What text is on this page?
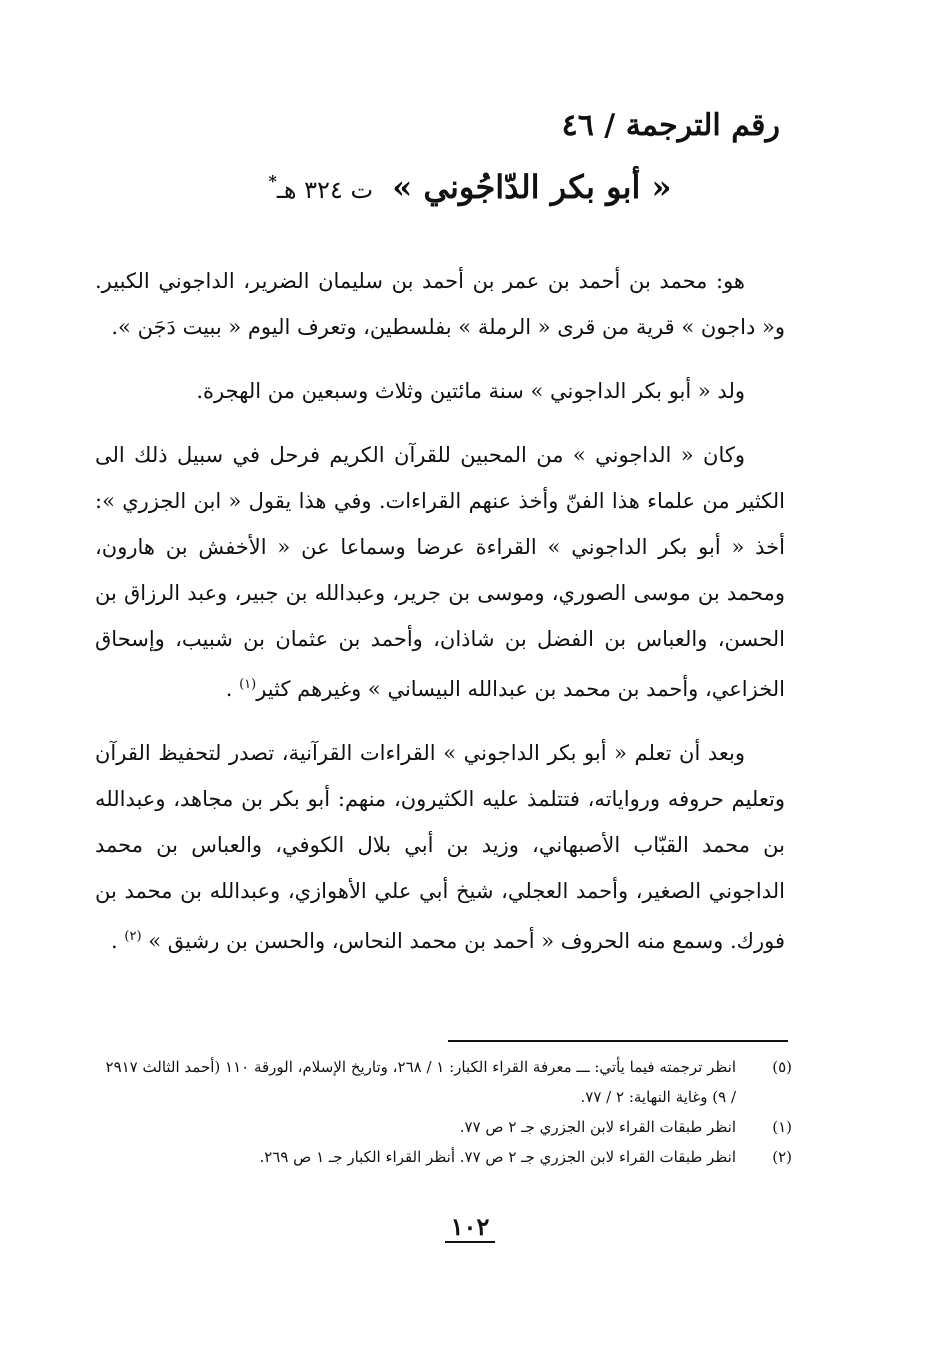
رقم الترجمة / ٤٦
« أبو بكر الدّاجُوني » ت ٣٢٤ هـ*

هو: محمد بن أحمد بن عمر بن أحمد بن سليمان الضرير، الداجوني الكبير. و« داجون » قرية من قرى « الرملة » بفلسطين، وتعرف اليوم « ببيت دَجَن ».

ولد « أبو بكر الداجوني » سنة مائتين وثلاث وسبعين من الهجرة.

وكان « الداجوني » من المحبين للقرآن الكريم فرحل في سبيل ذلك الى الكثير من علماء هذا الفنّ وأخذ عنهم القراءات. وفي هذا يقول « ابن الجزري »: أخذ « أبو بكر الداجوني » القراءة عرضا وسماعا عن « الأخفش بن هارون، ومحمد بن موسى الصوري، وموسى بن جرير، وعبدالله بن جبير، وعبد الرزاق بن الحسن، والعباس بن الفضل بن شاذان، وأحمد بن عثمان بن شبيب، وإسحاق الخزاعي، وأحمد بن محمد بن عبدالله البيساني » وغيرهم كثير$^{(١)}$ .

وبعد أن تعلم « أبو بكر الداجوني » القراءات القرآنية، تصدر لتحفيظ القرآن وتعليم حروفه ورواياته، فتتلمذ عليه الكثيرون، منهم: أبو بكر بن مجاهد، وعبدالله بن محمد القبّاب الأصبهاني، وزيد بن أبي بلال الكوفي، والعباس بن محمد الداجوني الصغير، وأحمد العجلي، شيخ أبي علي الأهوازي، وعبدالله بن محمد بن فورك. وسمع منه الحروف « أحمد بن محمد النحاس، والحسن بن رشيق » $^{(٢)}$ .

(٥)
انظر ترجمته فيما يأتي: ـــ معرفة القراء الكبار: ١ / ٢٦٨، وتاريخ الإسلام، الورقة ١١٠ (أحمد الثالث ٢٩١٧ / ٩) وغاية النهاية: ٢ / ٧٧.
(١)
انظر طبقات القراء لابن الجزري جـ ٢ ص ٧٧.
(٢)
انظر طبقات القراء لابن الجزري جـ ٢ ص ٧٧. أنظر القراء الكبار جـ ١ ص ٢٦٩.
١٠٢
